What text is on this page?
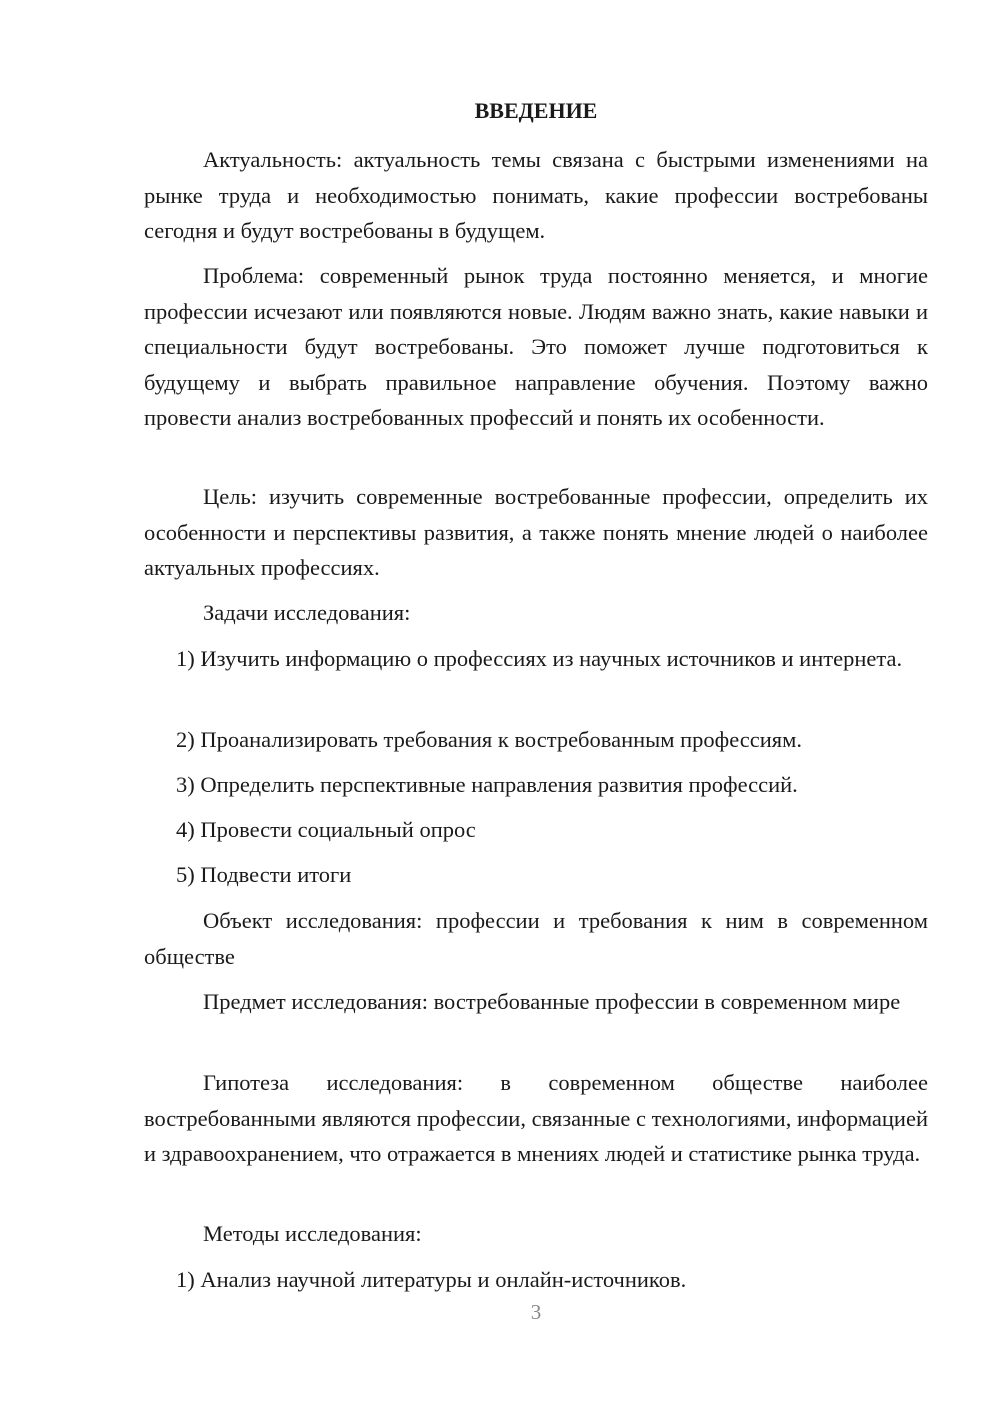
ВВЕДЕНИЕ

Актуальность: актуальность темы связана с быстрыми изменениями на рынке труда и необходимостью понимать, какие профессии востребованы сегодня и будут востребованы в будущем.

Проблема: современный рынок труда постоянно меняется, и многие профессии исчезают или появляются новые. Людям важно знать, какие навыки и специальности будут востребованы. Это поможет лучше подготовиться к будущему и выбрать правильное направление обучения. Поэтому важно провести анализ востребованных профессий и понять их особенности.

Цель: изучить современные востребованные профессии, определить их особенности и перспективы развития, а также понять мнение людей о наиболее актуальных профессиях.

Задачи исследования:

1) Изучить информацию о профессиях из научных источников и интернета.

2) Проанализировать требования к востребованным профессиям.

3) Определить перспективные направления развития профессий.

4) Провести социальный опрос

5) Подвести итоги

Объект исследования: профессии и требования к ним в современном обществе

Предмет исследования: востребованные профессии в современном мире

Гипотеза исследования: в современном обществе наиболее востребованными являются профессии, связанные с технологиями, информацией и здравоохранением, что отражается в мнениях людей и статистике рынка труда.

Методы исследования:

1) Анализ научной литературы и онлайн-источников.

3
